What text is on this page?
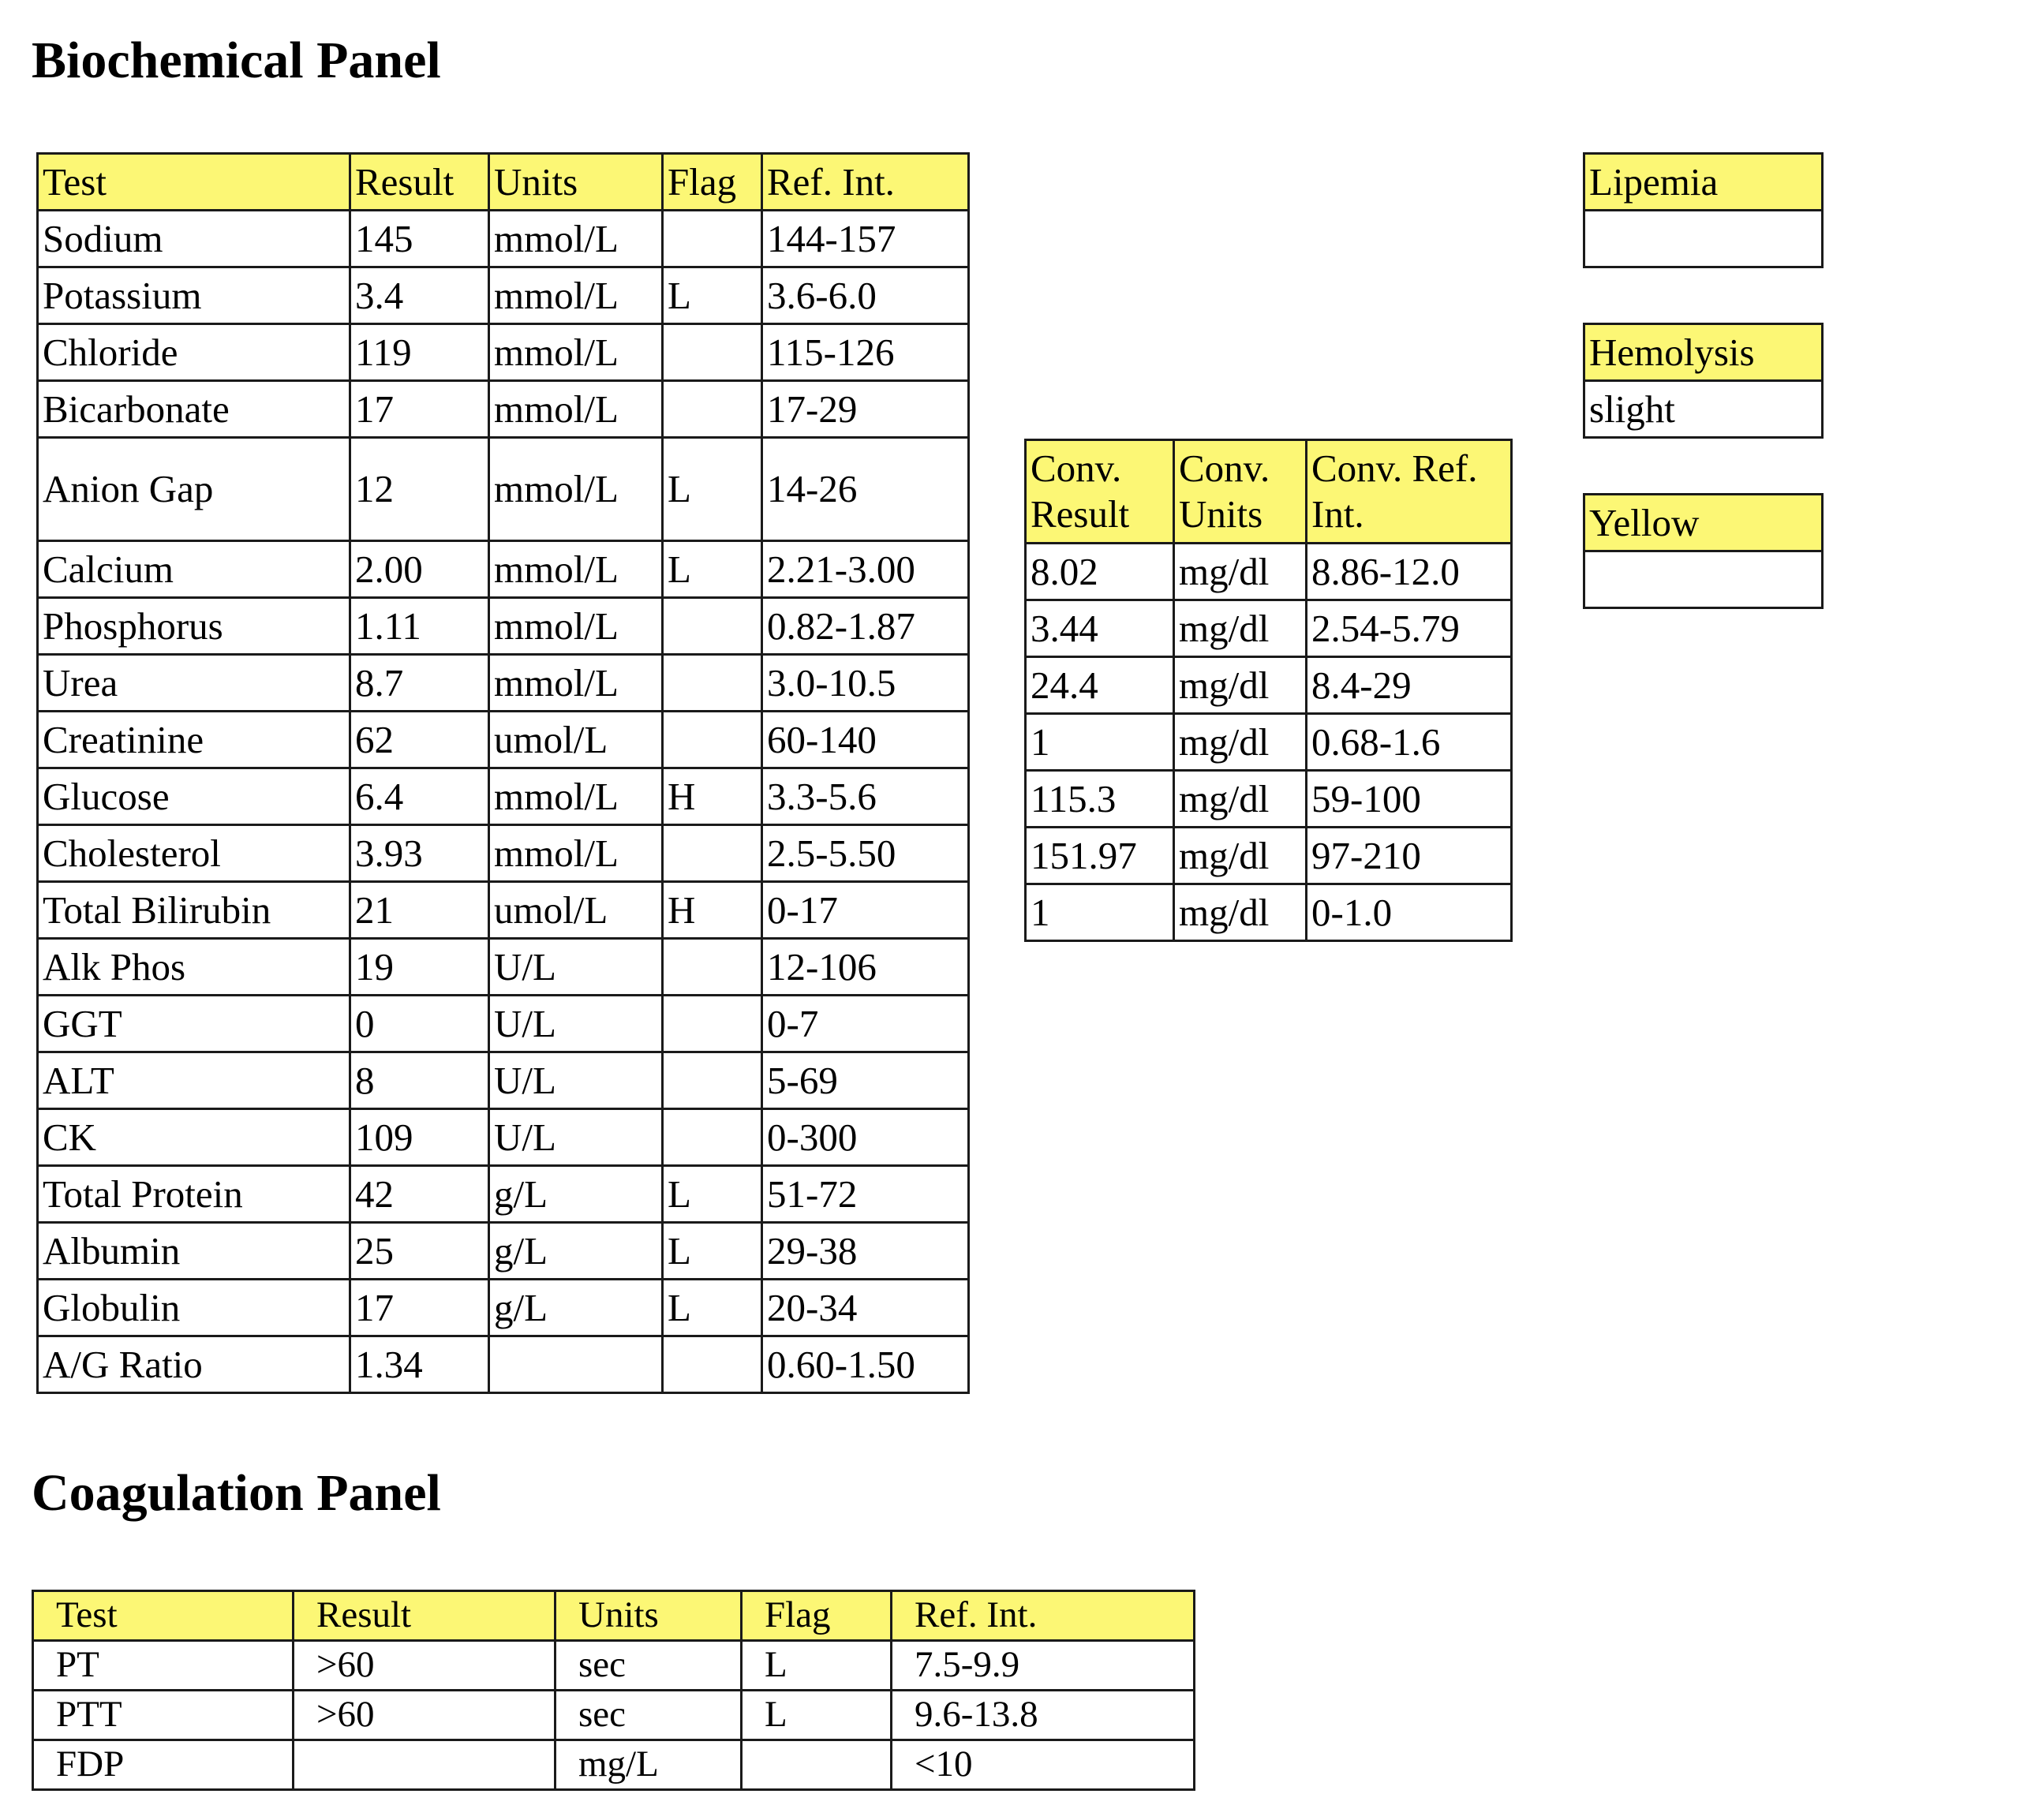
Biochemical Panel
Test	Result	Units	Flag	Ref. Int.
Sodium	145	mmol/L		144-157
Potassium	3.4	mmol/L	L	3.6-6.0
Chloride	119	mmol/L		115-126
Bicarbonate	17	mmol/L		17-29
Anion Gap	12	mmol/L	L	14-26
Calcium	2.00	mmol/L	L	2.21-3.00
Phosphorus	1.11	mmol/L		0.82-1.87
Urea	8.7	mmol/L		3.0-10.5
Creatinine	62	umol/L		60-140
Glucose	6.4	mmol/L	H	3.3-5.6
Cholesterol	3.93	mmol/L		2.5-5.50
Total Bilirubin	21	umol/L	H	0-17
Alk Phos	19	U/L		12-106
GGT	0	U/L		0-7
ALT	8	U/L		5-69
CK	109	U/L		0-300
Total Protein	42	g/L	L	51-72
Albumin	25	g/L	L	29-38
Globulin	17	g/L	L	20-34
A/G Ratio	1.34			0.60-1.50
Conv. Result	Conv. Units	Conv. Ref. Int.
8.02	mg/dl	8.86-12.0
3.44	mg/dl	2.54-5.79
24.4	mg/dl	8.4-29
1	mg/dl	0.68-1.6
115.3	mg/dl	59-100
151.97	mg/dl	97-210
1	mg/dl	0-1.0
Lipemia

Hemolysis
slight

Yellow

Coagulation Panel
Test	Result	Units	Flag	Ref. Int.
PT	>60	sec	L	7.5-9.9
PTT	>60	sec	L	9.6-13.8
FDP		mg/L		<10
